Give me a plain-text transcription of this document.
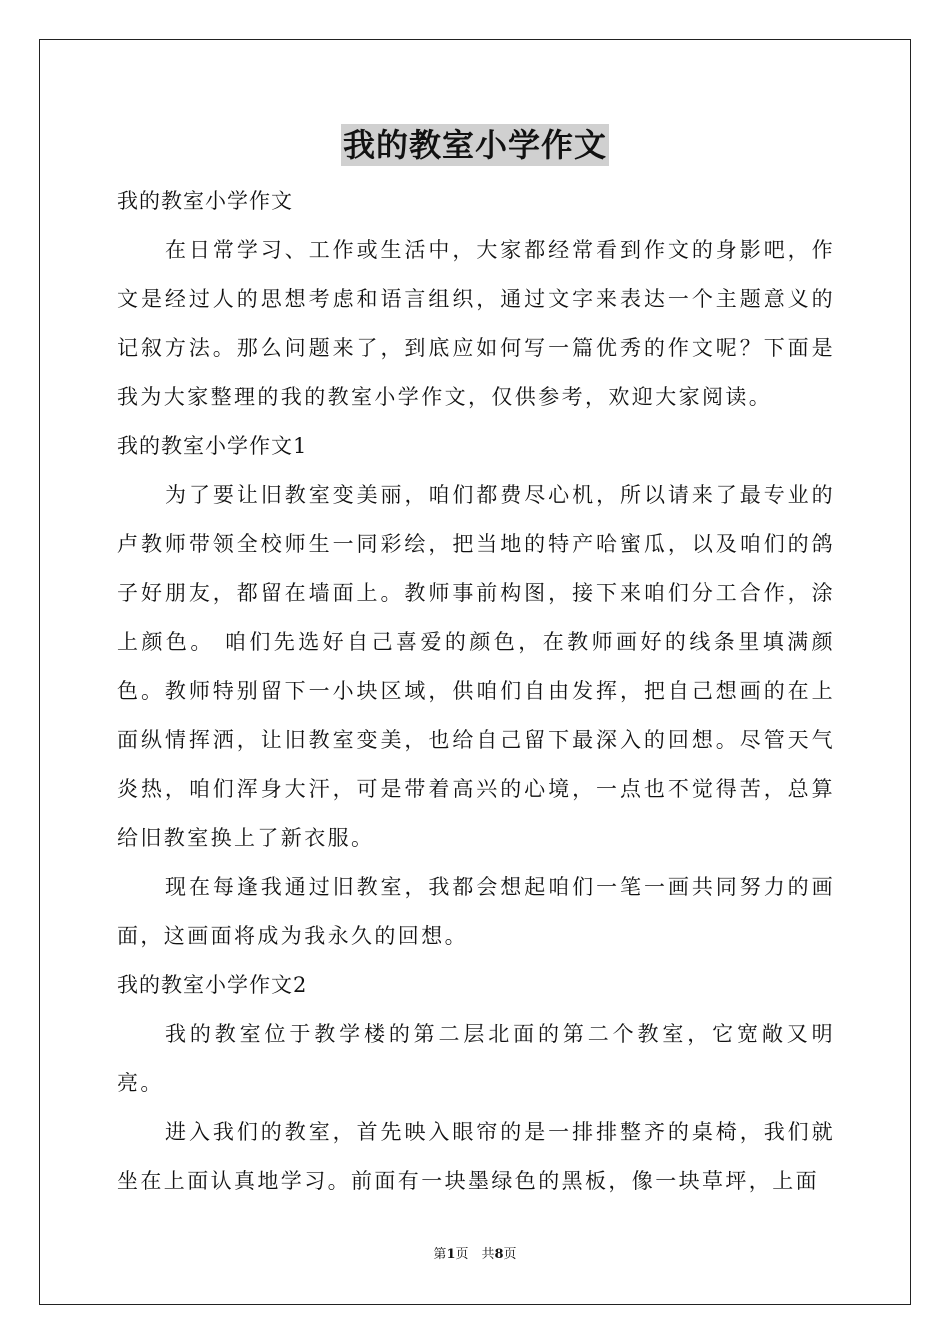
我的教室小学作文

我的教室小学作文

在日常学习、工作或生活中，大家都经常看到作文的身影吧，作文是经过人的思想考虑和语言组织，通过文字来表达一个主题意义的记叙方法。那么问题来了，到底应如何写一篇优秀的作文呢？下面是我为大家整理的我的教室小学作文，仅供参考，欢迎大家阅读。

我的教室小学作文1

为了要让旧教室变美丽，咱们都费尽心机，所以请来了最专业的卢教师带领全校师生一同彩绘，把当地的特产哈蜜瓜，以及咱们的鸽子好朋友，都留在墙面上。教师事前构图，接下来咱们分工合作，涂上颜色。 咱们先选好自己喜爱的颜色，在教师画好的线条里填满颜色。教师特别留下一小块区域，供咱们自由发挥，把自己想画的在上面纵情挥洒，让旧教室变美，也给自己留下最深入的回想。尽管天气炎热，咱们浑身大汗，可是带着高兴的心境，一点也不觉得苦，总算给旧教室换上了新衣服。

现在每逢我通过旧教室，我都会想起咱们一笔一画共同努力的画面，这画面将成为我永久的回想。

我的教室小学作文2

我的教室位于教学楼的第二层北面的第二个教室，它宽敞又明亮。

进入我们的教室，首先映入眼帘的是一排排整齐的桌椅，我们就坐在上面认真地学习。前面有一块墨绿色的黑板，像一块草坪，上面

第1页　共8页
